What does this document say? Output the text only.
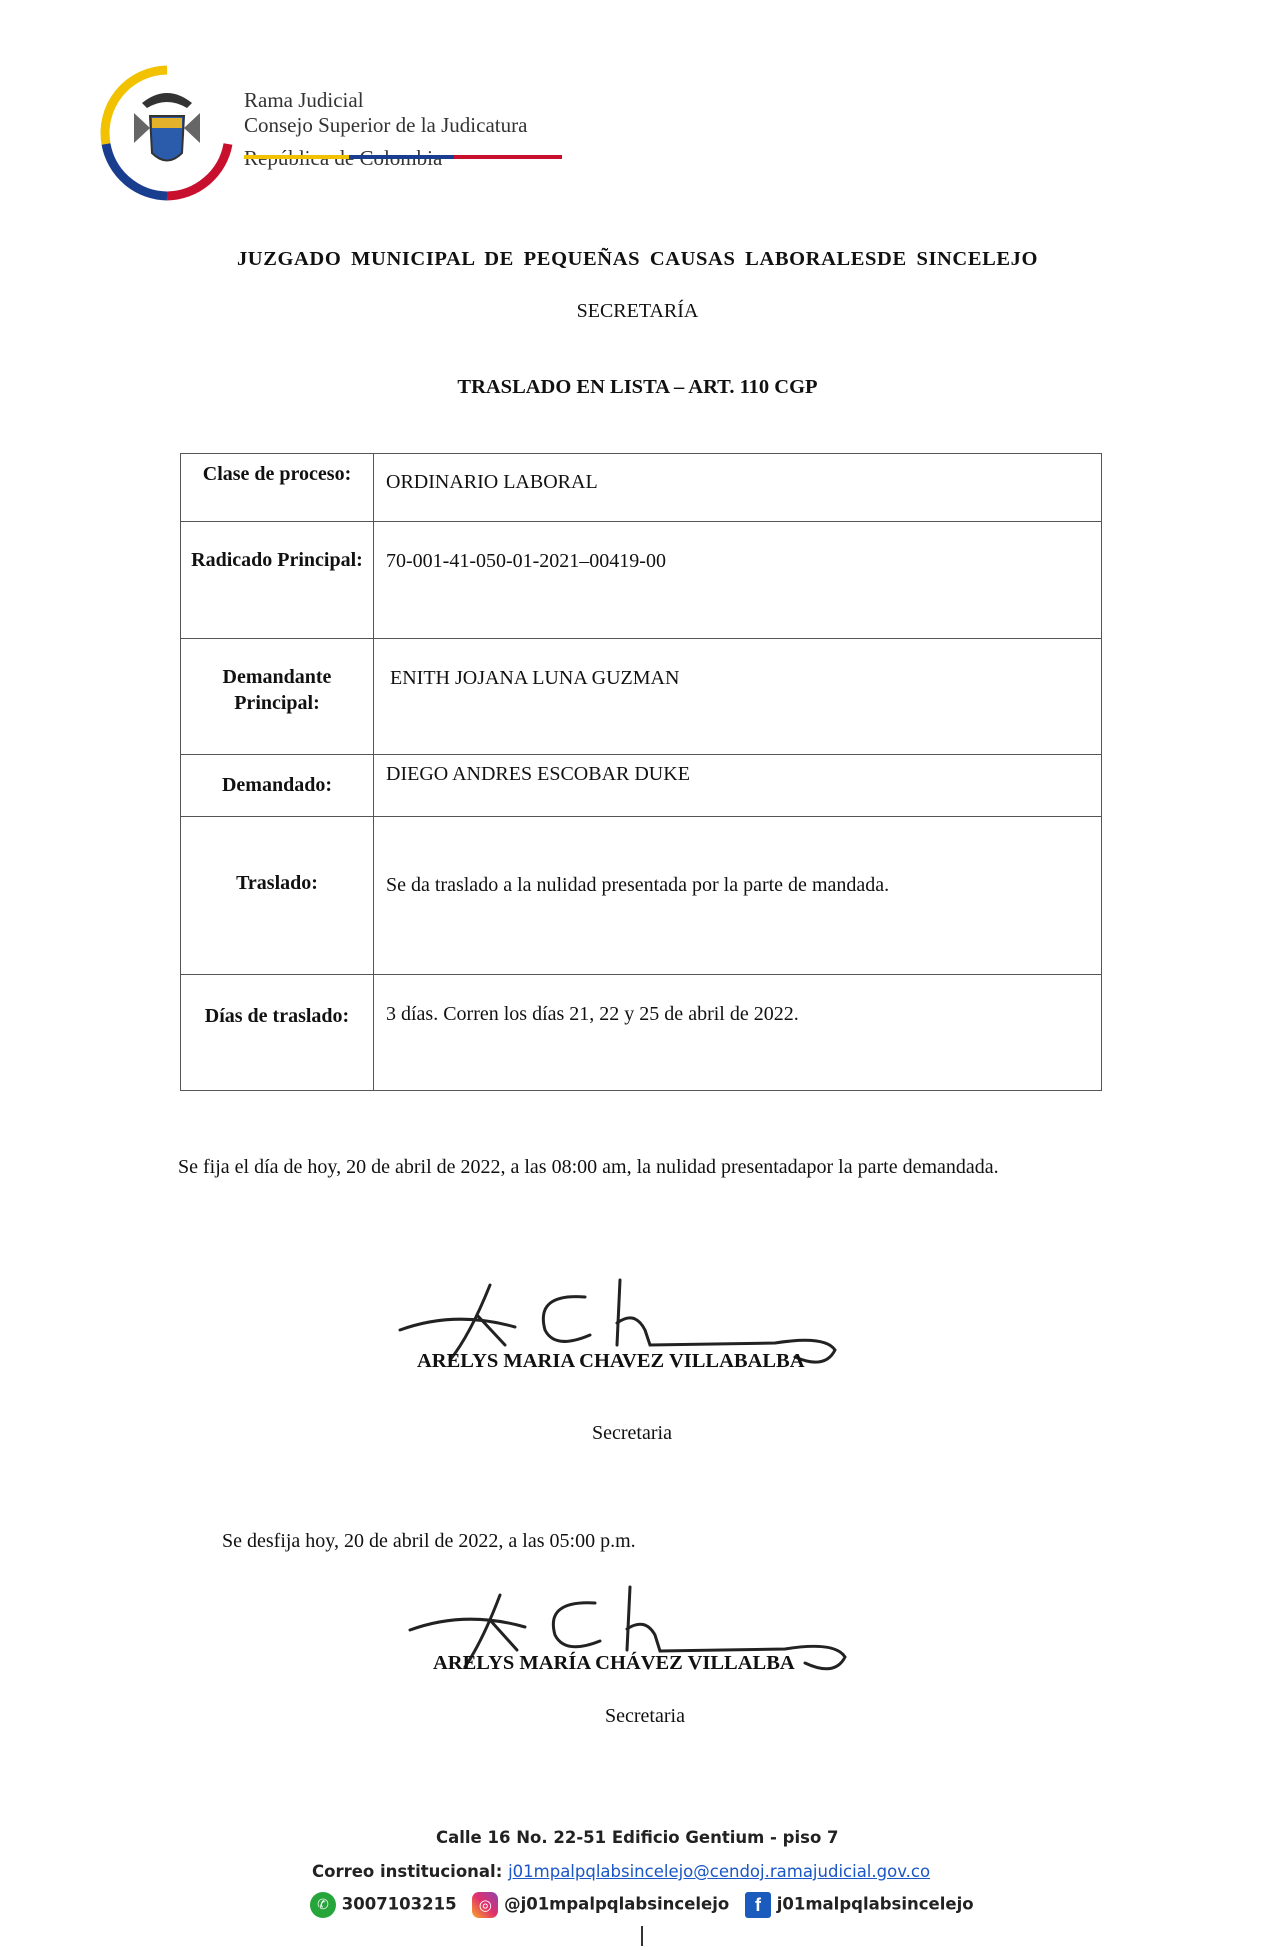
Rama Judicial
Consejo Superior de la Judicatura
JUZGADO MUNICIPAL DE PEQUEÑAS CAUSAS LABORALESDE SINCELEJO
SECRETARÍA
TRASLADO EN LISTA – ART. 110 CGP
Clase de proceso:	ORDINARIO LABORAL
Radicado Principal:	70-001-41-050-01-2021–00419-00
Demandante Principal:	ENITH JOJANA LUNA GUZMAN
Demandado:	DIEGO ANDRES ESCOBAR DUKE
Traslado:	Se da traslado a la nulidad presentada por la parte de mandada.
Días de traslado:	3 días. Corren los días 21, 22 y 25 de abril de 2022.
Se fija el día de hoy, 20 de abril de 2022, a las 08:00 am, la nulidad presentadapor la parte demandada.
ARELYS MARIA CHAVEZ VILLABALBA
Secretaria
Se desfija hoy, 20 de abril de 2022, a las 05:00 p.m.
ARELYS MARÍA CHÁVEZ VILLALBA
Secretaria
Calle 16 No. 22-51 Edificio Gentium - piso 7
Correo institucional: j01mpalpqlabsincelejo@cendoj.ramajudicial.gov.co
✆ 3007103215 ◎ @j01mpalpqlabsincelejo f j01malpqlabsincelejo
